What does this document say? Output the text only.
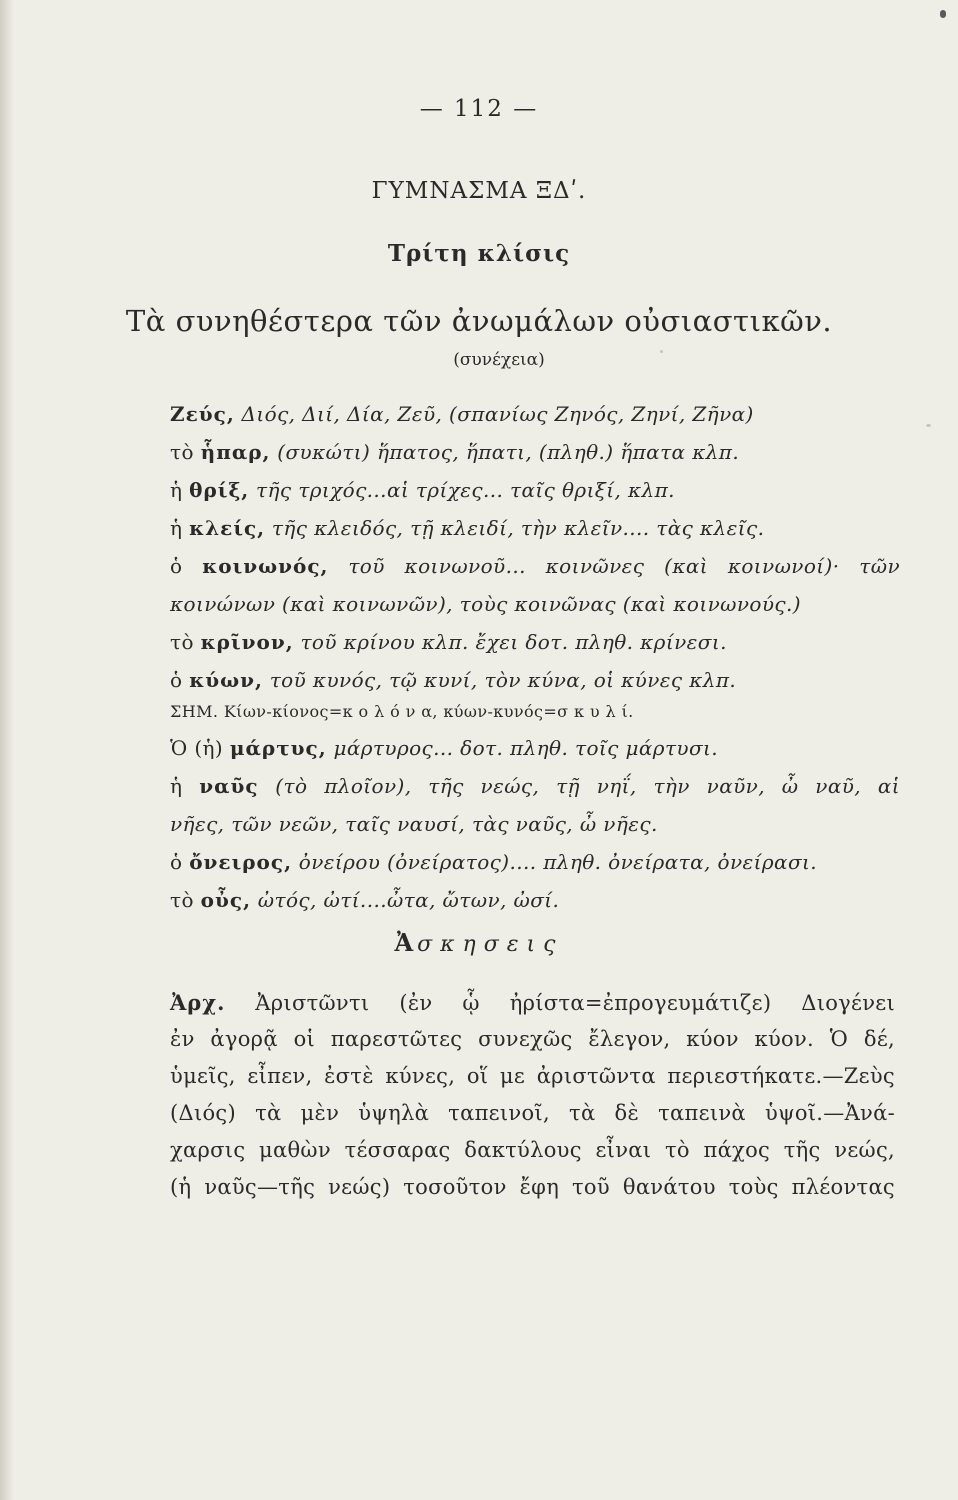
— 112 —
ΓΥΜΝΑΣΜΑ ΞΔʹ.
Τρίτη κλίσις
Τὰ συνηθέστερα τῶν ἀνωμάλων οὐσιαστικῶν.
(συνέχεια)
Ζεύς, Διός, Διί, Δία, Ζεῦ, (σπανίως Ζηνός, Ζηνί, Ζῆνα)
τὸ ἧπαρ, (συκώτι) ἥπατος, ἥπατι, (πληθ.) ἥπατα κλπ.
ἡ θρίξ, τῆς τριχός...αἱ τρίχες... ταῖς θριξί, κλπ.
ἡ κλείς, τῆς κλειδός, τῇ κλειδί, τὴν κλεῖν.... τὰς κλεῖς.
ὁ κοινωνός, τοῦ κοινωνοῦ... κοινῶνες (καὶ κοινωνοί)· τῶν
κοινώνων (καὶ κοινωνῶν), τοὺς κοινῶνας (καὶ κοινωνούς.)
τὸ κρῖνον, τοῦ κρίνου κλπ. ἔχει δοτ. πληθ. κρίνεσι.
ὁ κύων, τοῦ κυνός, τῷ κυνί, τὸν κύνα, οἱ κύνες κλπ.
ΣΗΜ. Κίων-κίονος=κ ο λ ό ν α, κύων-κυνός=σ κ υ λ ί.
Ὁ (ἡ) μάρτυς, μάρτυρος... δοτ. πληθ. τοῖς μάρτυσι.
ἡ ναῦς (τὸ πλοῖον), τῆς νεώς, τῇ νηΐ, τὴν ναῦν, ὦ ναῦ, αἱ
νῆες, τῶν νεῶν, ταῖς ναυσί, τὰς ναῦς, ὦ νῆες.
ὁ ὄνειρος, ὀνείρου (ὀνείρατος).... πληθ. ὀνείρατα, ὀνείρασι.
τὸ οὖς, ὠτός, ὠτί....ὦτα, ὤτων, ὠσί.
Ἀσκησεις
Ἀρχ. Ἀριστῶντι (ἐν ᾧ ἠρίστα=ἐπρογευμάτιζε) Διογένει
ἐν ἀγορᾷ οἱ παρεστῶτες συνεχῶς ἔλεγον, κύον κύον. Ὁ δέ,
ὑμεῖς, εἶπεν, ἐστὲ κύνες, οἵ με ἀριστῶντα περιεστήκατε.—Ζεὺς
(Διός) τὰ μὲν ὑψηλὰ ταπεινοῖ, τὰ δὲ ταπεινὰ ὑψοῖ.—Ἀνά-
χαρσις μαθὼν τέσσαρας δακτύλους εἶναι τὸ πάχος τῆς νεώς,
(ἡ ναῦς—τῆς νεώς) τοσοῦτον ἔφη τοῦ θανάτου τοὺς πλέοντας
